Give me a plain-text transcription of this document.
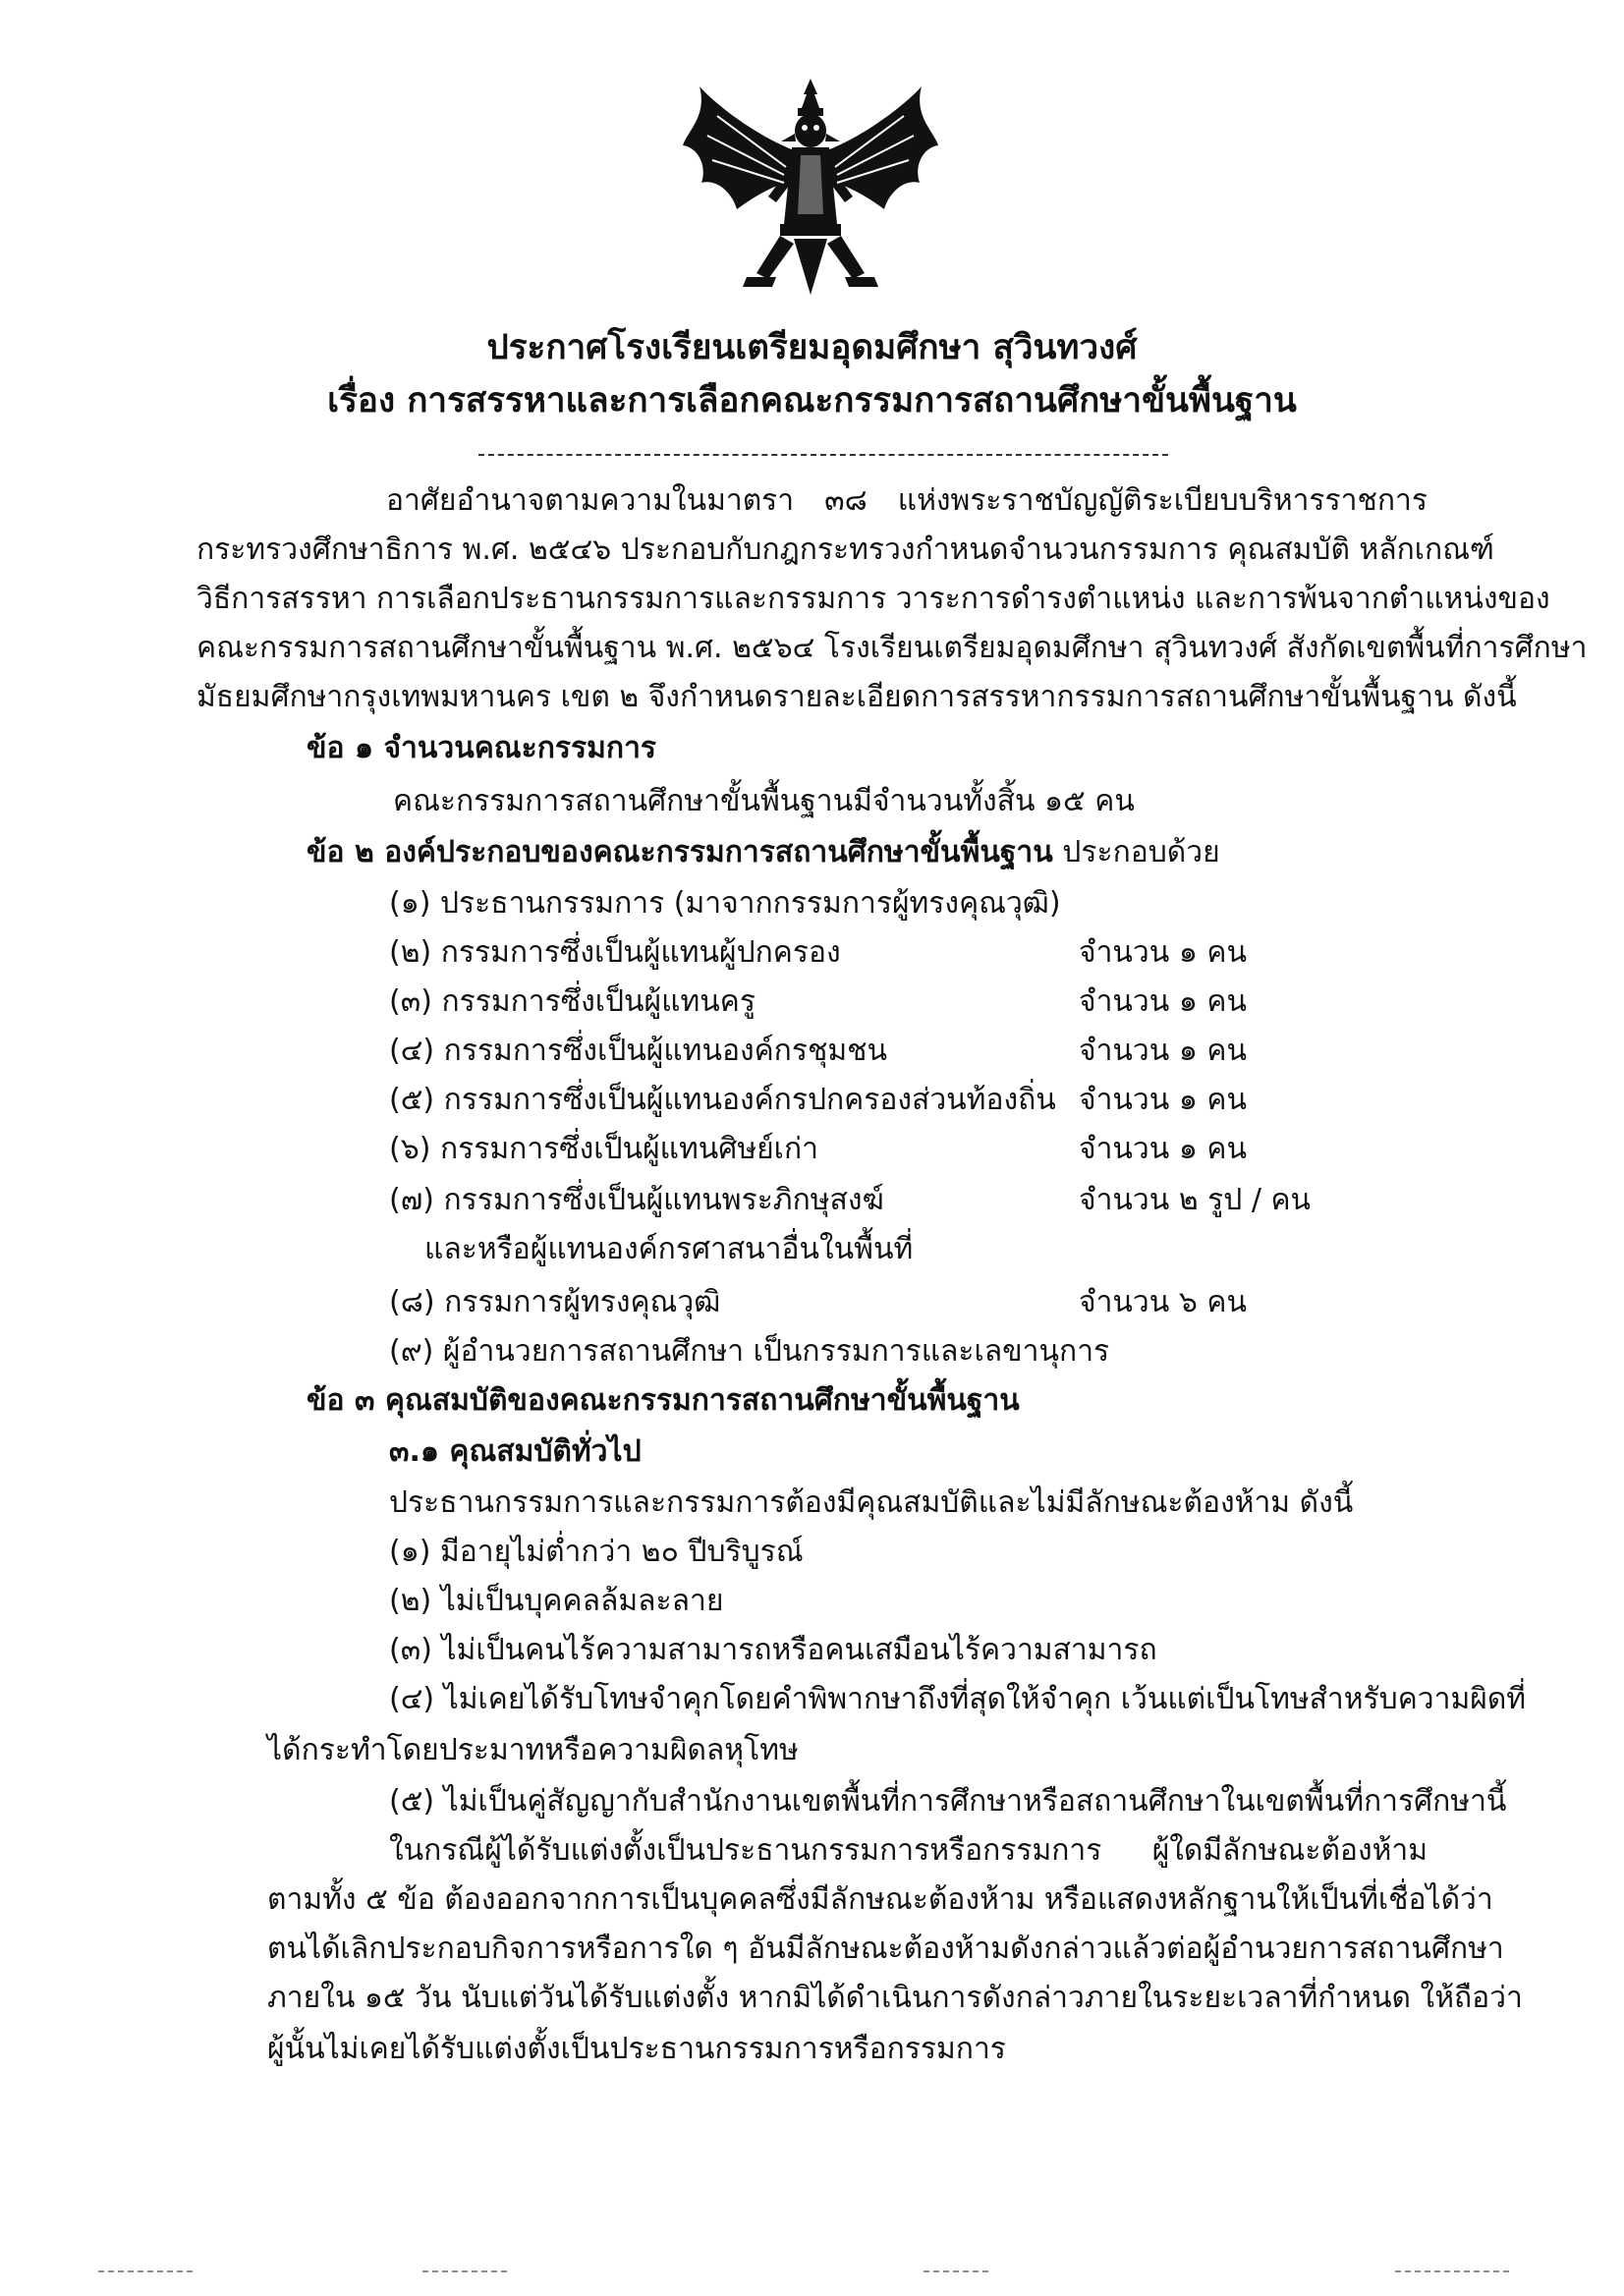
ประกาศโรงเรียนเตรียมอุดมศึกษา สุวินทวงศ์
เรื่อง การสรรหาและการเลือกคณะกรรมการสถานศึกษาขั้นพื้นฐาน
อาศัยอำนาจตามความในมาตรา ๓๘ แห่งพระราชบัญญัติระเบียบบริหารราชการ
กระทรวงศึกษาธิการ พ.ศ. ๒๕๔๖ ประกอบกับกฎกระทรวงกำหนดจำนวนกรรมการ คุณสมบัติ หลักเกณฑ์
วิธีการสรรหา การเลือกประธานกรรมการและกรรมการ วาระการดำรงตำแหน่ง และการพ้นจากตำแหน่งของ
คณะกรรมการสถานศึกษาขั้นพื้นฐาน พ.ศ. ๒๕๖๔ โรงเรียนเตรียมอุดมศึกษา สุวินทวงศ์ สังกัดเขตพื้นที่การศึกษา
มัธยมศึกษากรุงเทพมหานคร เขต ๒ จึงกำหนดรายละเอียดการสรรหากรรมการสถานศึกษาขั้นพื้นฐาน ดังนี้
ข้อ ๑ จำนวนคณะกรรมการ
คณะกรรมการสถานศึกษาขั้นพื้นฐานมีจำนวนทั้งสิ้น ๑๕ คน
ข้อ ๒ องค์ประกอบของคณะกรรมการสถานศึกษาขั้นพื้นฐาน ประกอบด้วย
(๑) ประธานกรรมการ (มาจากกรรมการผู้ทรงคุณวุฒิ)
(๒) กรรมการซึ่งเป็นผู้แทนผู้ปกครอง	จำนวน ๑ คน
(๓) กรรมการซึ่งเป็นผู้แทนครู	จำนวน ๑ คน
(๔) กรรมการซึ่งเป็นผู้แทนองค์กรชุมชน	จำนวน ๑ คน
(๕) กรรมการซึ่งเป็นผู้แทนองค์กรปกครองส่วนท้องถิ่น จำนวน ๑ คน
(๖) กรรมการซึ่งเป็นผู้แทนศิษย์เก่า	จำนวน ๑ คน
(๗) กรรมการซึ่งเป็นผู้แทนพระภิกษุสงฆ์	จำนวน ๒ รูป / คน
และหรือผู้แทนองค์กรศาสนาอื่นในพื้นที่
(๘) กรรมการผู้ทรงคุณวุฒิ	จำนวน ๖ คน
(๙) ผู้อำนวยการสถานศึกษา เป็นกรรมการและเลขานุการ
ข้อ ๓ คุณสมบัติของคณะกรรมการสถานศึกษาขั้นพื้นฐาน
๓.๑ คุณสมบัติทั่วไป
ประธานกรรมการและกรรมการต้องมีคุณสมบัติและไม่มีลักษณะต้องห้าม ดังนี้
(๑) มีอายุไม่ต่ำกว่า ๒๐ ปีบริบูรณ์
(๒) ไม่เป็นบุคคลล้มละลาย
(๓) ไม่เป็นคนไร้ความสามารถหรือคนเสมือนไร้ความสามารถ
(๔) ไม่เคยได้รับโทษจำคุกโดยคำพิพากษาถึงที่สุดให้จำคุก เว้นแต่เป็นโทษสำหรับความผิดที่
ได้กระทำโดยประมาทหรือความผิดลหุโทษ
(๕) ไม่เป็นคู่สัญญากับสำนักงานเขตพื้นที่การศึกษาหรือสถานศึกษาในเขตพื้นที่การศึกษานี้
ในกรณีผู้ได้รับแต่งตั้งเป็นประธานกรรมการหรือกรรมการ ผู้ใดมีลักษณะต้องห้าม
ตามทั้ง ๕ ข้อ ต้องออกจากการเป็นบุคคลซึ่งมีลักษณะต้องห้าม หรือแสดงหลักฐานให้เป็นที่เชื่อได้ว่า
ตนได้เลิกประกอบกิจการหรือการใด ๆ อันมีลักษณะต้องห้ามดังกล่าวแล้วต่อผู้อำนวยการสถานศึกษา
ภายใน ๑๕ วัน นับแต่วันได้รับแต่งตั้ง หากมิได้ดำเนินการดังกล่าวภายในระยะเวลาที่กำหนด ให้ถือว่า
ผู้นั้นไม่เคยได้รับแต่งตั้งเป็นประธานกรรมการหรือกรรมการ
